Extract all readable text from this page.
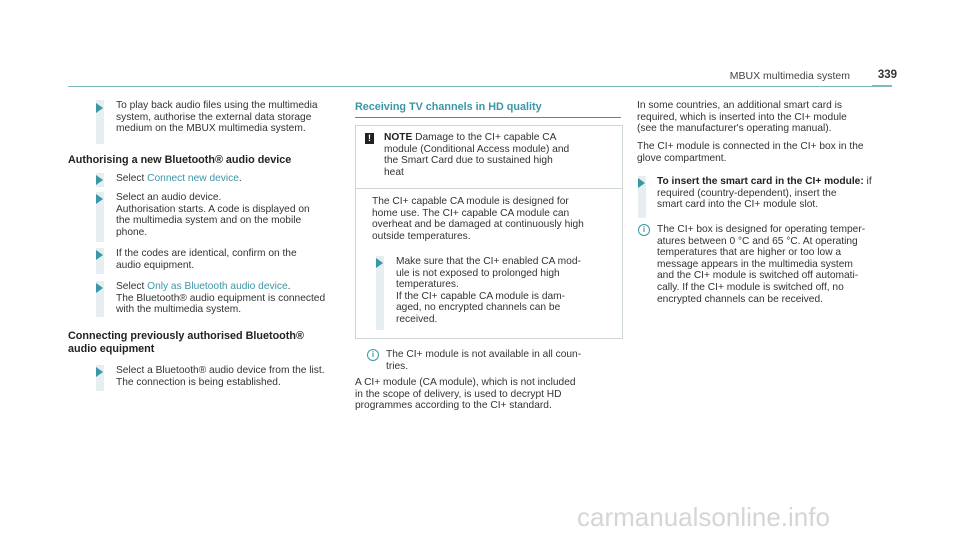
MBUX multimedia system 339
To play back audio files using the multimedia
system, authorise the external data storage
medium on the MBUX multimedia system.
Authorising a new Bluetooth® audio device
Select Connect new device.
Select an audio device.
Authorisation starts. A code is displayed on
the multimedia system and on the mobile
phone.
If the codes are identical, confirm on the
audio equipment.
Select Only as Bluetooth audio device.
The Bluetooth® audio equipment is connected
with the multimedia system.
Connecting previously authorised Bluetooth®
audio equipment
Select a Bluetooth® audio device from the list.
The connection is being established.
Receiving TV channels in HD quality
! NOTE Damage to the CI+ capable CA
module (Conditional Access module) and
the Smart Card due to sustained high
heat
The CI+ capable CA module is designed for
home use. The CI+ capable CA module can
overheat and be damaged at continuously high
outside temperatures.
Make sure that the CI+ enabled CA mod-
ule is not exposed to prolonged high
temperatures.
If the CI+ capable CA module is dam-
aged, no encrypted channels can be
received.
i	The CI+ module is not available in all coun-
tries.
A CI+ module (CA module), which is not included
in the scope of delivery, is used to decrypt HD
programmes according to the CI+ standard.
In some countries, an additional smart card is
required, which is inserted into the CI+ module
(see the manufacturer's operating manual).
The CI+ module is connected in the CI+ box in the
glove compartment.
To insert the smart card in the CI+ module: if
required (country-dependent), insert the
smart card into the CI+ module slot.
i	The CI+ box is designed for operating temper-
atures between 0 °C and 65 °C. At operating
temperatures that are higher or too low a
message appears in the multimedia system
and the CI+ module is switched off automati-
cally. If the CI+ module is switched off, no
encrypted channels can be received.
carmanualsonline.info
